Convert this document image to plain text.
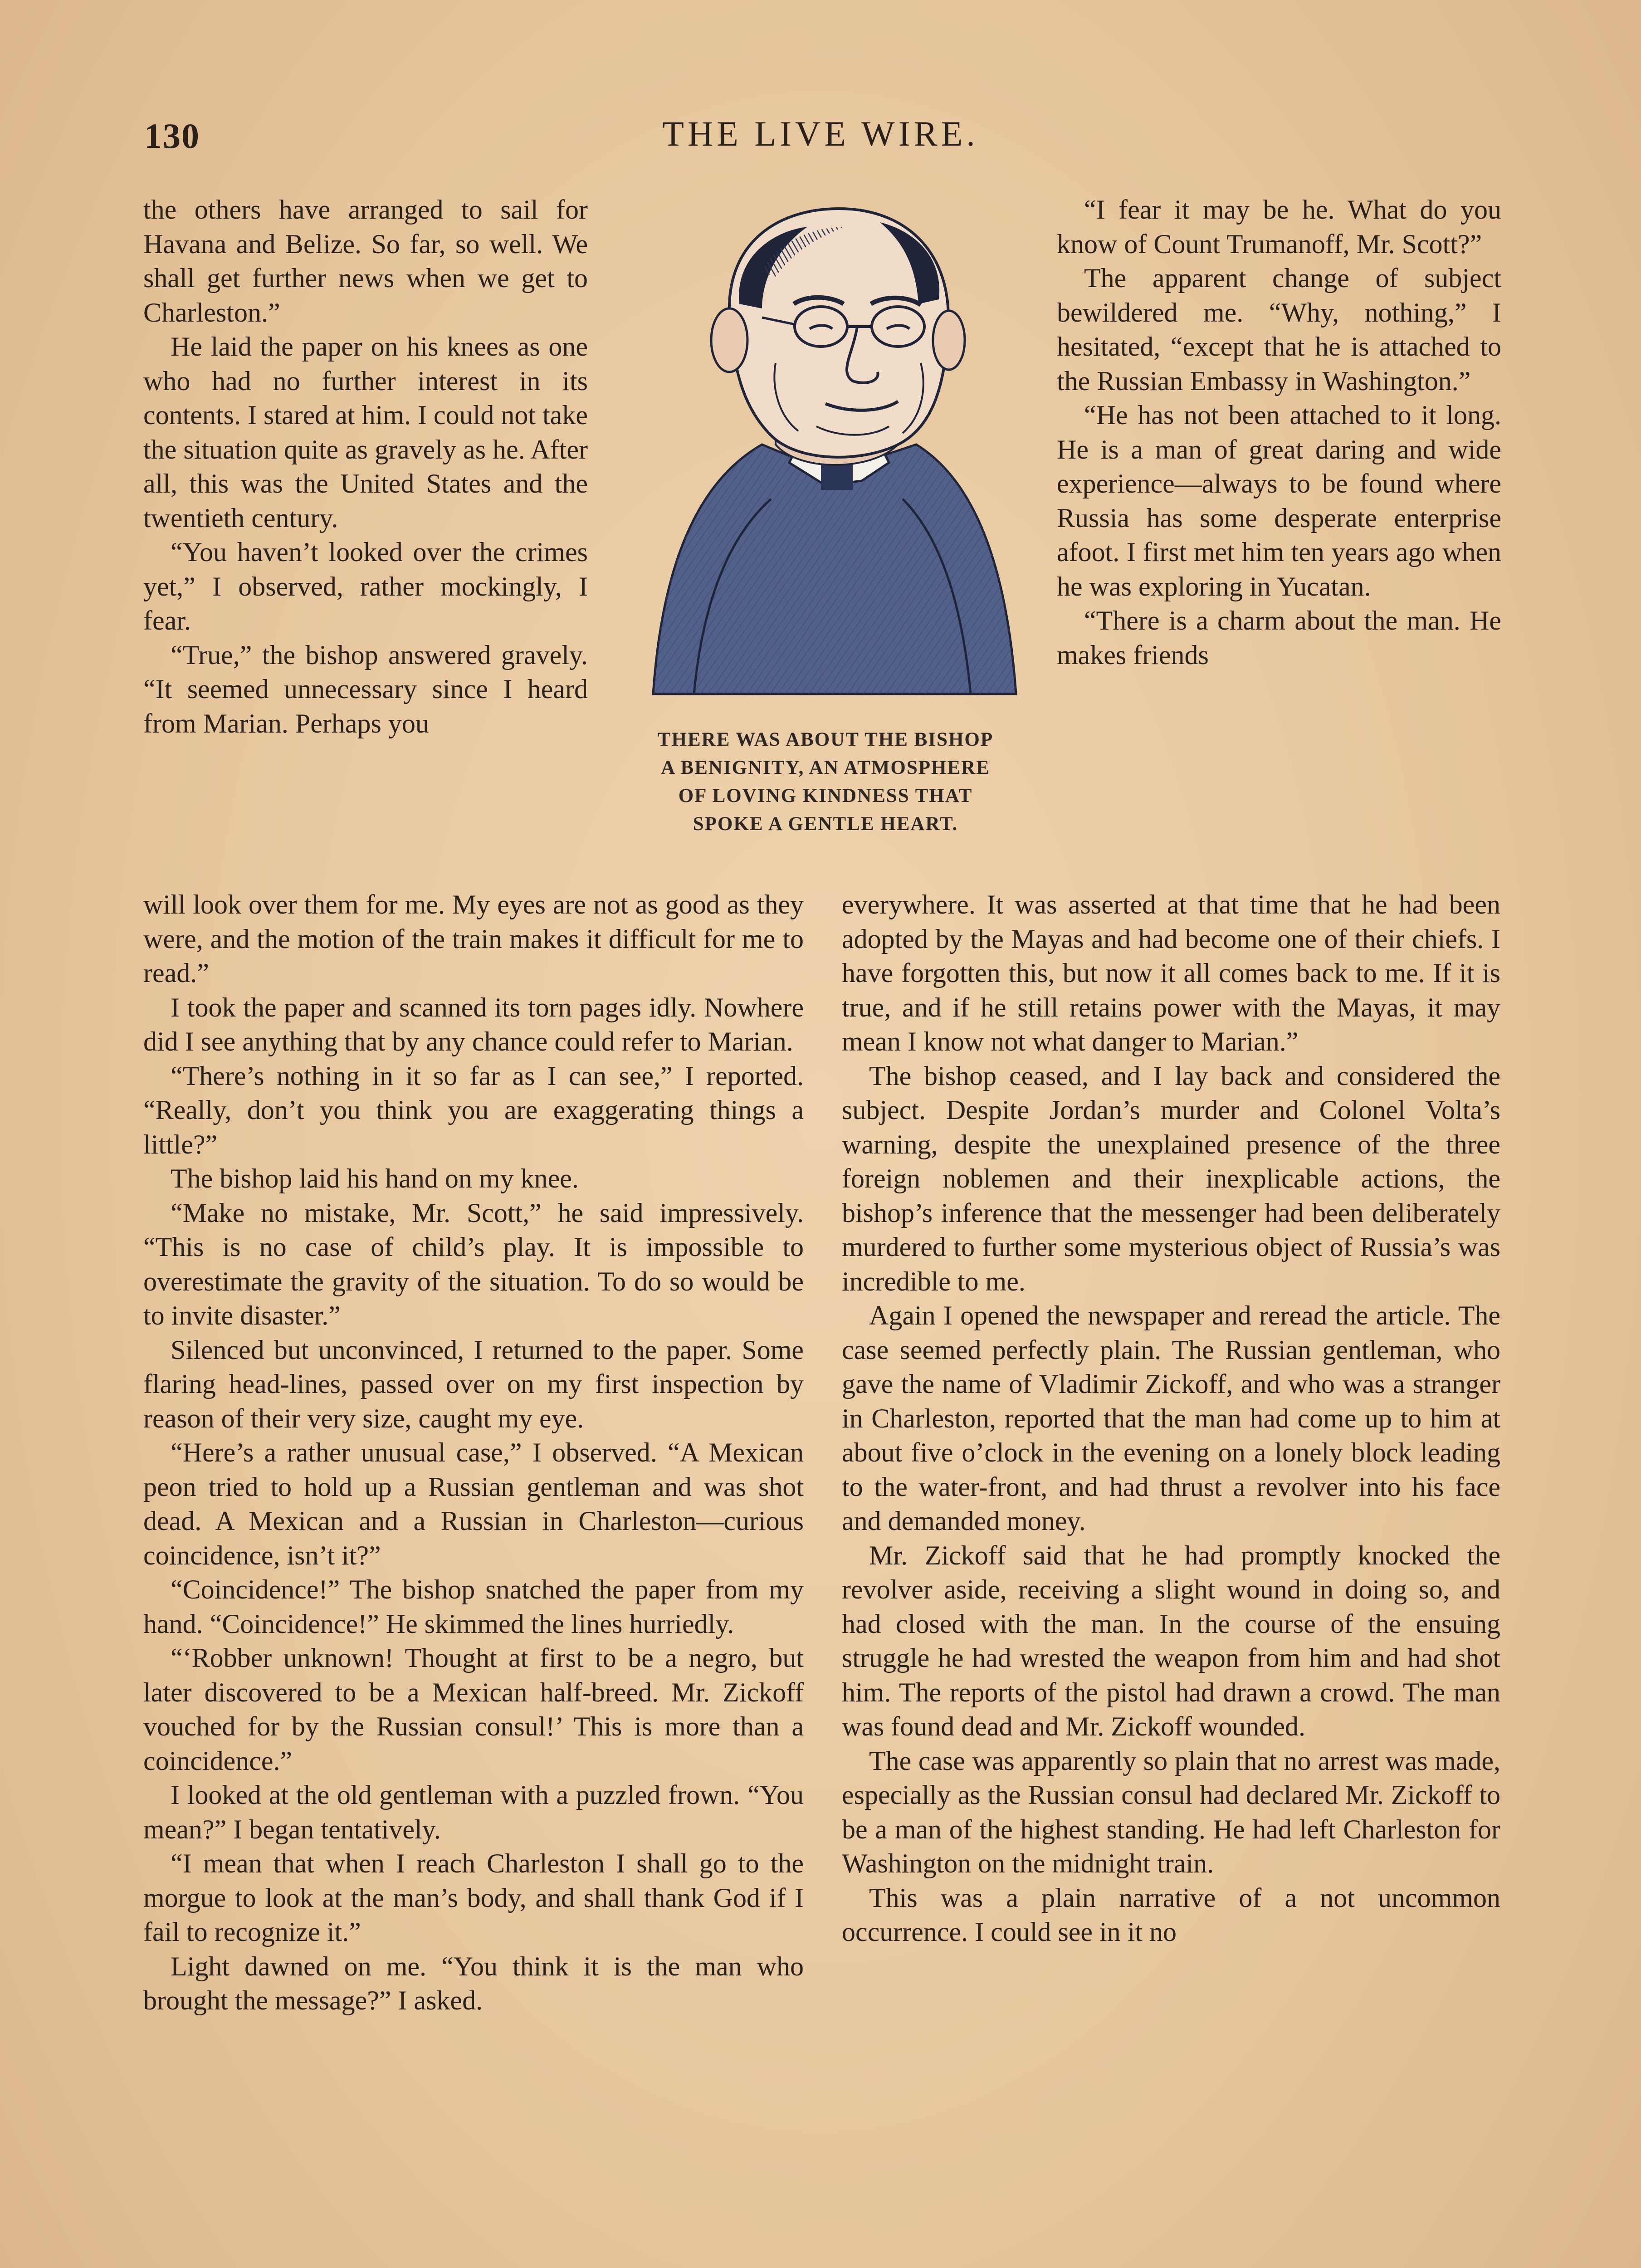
130	THE LIVE WIRE.

the others have arranged to sail for Havana and Belize. So far, so well. We shall get further news when we get to Charleston.”

He laid the paper on his knees as one who had no further interest in its contents. I stared at him. I could not take the situation quite as gravely as he. After all, this was the United States and the twentieth century.

“You haven’t looked over the crimes yet,” I observed, rather mockingly, I fear.

“True,” the bishop answered gravely. “It seemed unnecessary since I heard from Marian. Perhaps you

THERE WAS ABOUT THE BISHOP
A BENIGNITY, AN ATMOSPHERE
OF LOVING KINDNESS THAT
SPOKE A GENTLE HEART.

“I fear it may be he. What do you know of Count Trumanoff, Mr. Scott?”

The apparent change of subject bewildered me. “Why, nothing,” I hesitated, “except that he is attached to the Russian Embassy in Washington.”

“He has not been attached to it long. He is a man of great daring and wide experience—always to be found where Russia has some desperate enterprise afoot. I first met him ten years ago when he was exploring in Yucatan.

“There is a charm about the man. He makes friends

will look over them for me. My eyes are not as good as they were, and the motion of the train makes it difficult for me to read.”

I took the paper and scanned its torn pages idly. Nowhere did I see anything that by any chance could refer to Marian.

“There’s nothing in it so far as I can see,” I reported. “Really, don’t you think you are exaggerating things a little?”

The bishop laid his hand on my knee.

“Make no mistake, Mr. Scott,” he said impressively. “This is no case of child’s play. It is impossible to overestimate the gravity of the situation. To do so would be to invite disaster.”

Silenced but unconvinced, I returned to the paper. Some flaring head-lines, passed over on my first inspection by reason of their very size, caught my eye.

“Here’s a rather unusual case,” I observed. “A Mexican peon tried to hold up a Russian gentleman and was shot dead. A Mexican and a Russian in Charleston—curious coincidence, isn’t it?”

“Coincidence!” The bishop snatched the paper from my hand. “Coincidence!” He skimmed the lines hurriedly.

“‘Robber unknown! Thought at first to be a negro, but later discovered to be a Mexican half-breed. Mr. Zickoff vouched for by the Russian consul!’ This is more than a coincidence.”

I looked at the old gentleman with a puzzled frown. “You mean?” I began tentatively.

“I mean that when I reach Charleston I shall go to the morgue to look at the man’s body, and shall thank God if I fail to recognize it.”

Light dawned on me. “You think it is the man who brought the message?” I asked.

everywhere. It was asserted at that time that he had been adopted by the Mayas and had become one of their chiefs. I have forgotten this, but now it all comes back to me. If it is true, and if he still retains power with the Mayas, it may mean I know not what danger to Marian.”

The bishop ceased, and I lay back and considered the subject. Despite Jordan’s murder and Colonel Volta’s warning, despite the unexplained presence of the three foreign noblemen and their inexplicable actions, the bishop’s inference that the messenger had been deliberately murdered to further some mysterious object of Russia’s was incredible to me.

Again I opened the newspaper and reread the article. The case seemed perfectly plain. The Russian gentleman, who gave the name of Vladimir Zickoff, and who was a stranger in Charleston, reported that the man had come up to him at about five o’clock in the evening on a lonely block leading to the water-front, and had thrust a revolver into his face and demanded money.

Mr. Zickoff said that he had promptly knocked the revolver aside, receiving a slight wound in doing so, and had closed with the man. In the course of the ensuing struggle he had wrested the weapon from him and had shot him. The reports of the pistol had drawn a crowd. The man was found dead and Mr. Zickoff wounded.

The case was apparently so plain that no arrest was made, especially as the Russian consul had declared Mr. Zickoff to be a man of the highest standing. He had left Charleston for Washington on the midnight train.

This was a plain narrative of a not uncommon occurrence. I could see in it no
